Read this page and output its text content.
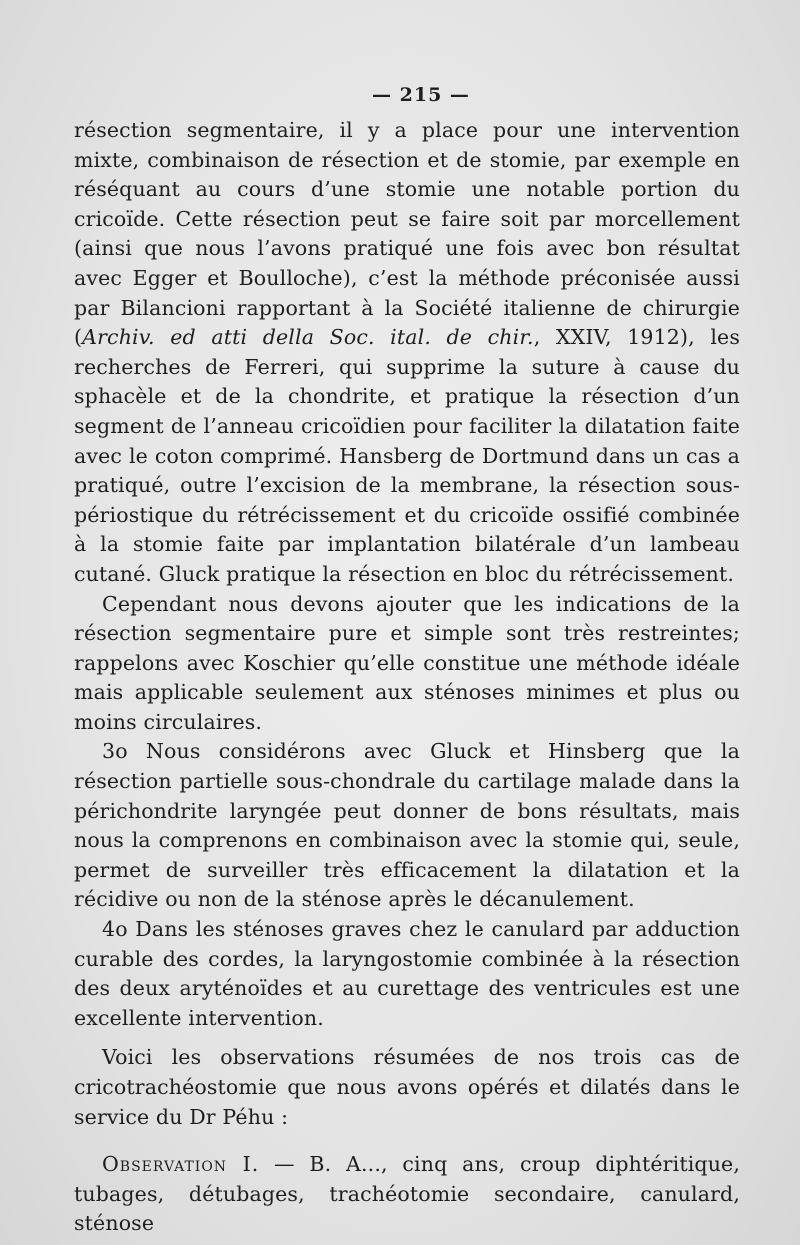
— 215 —

résection segmentaire, il y a place pour une intervention mixte, combinaison de résection et de stomie, par exemple en réséquant au cours d’une stomie une notable portion du cricoïde. Cette résection peut se faire soit par morcellement (ainsi que nous l’avons pratiqué une fois avec bon résultat avec Egger et Boulloche), c’est la méthode préconisée aussi par Bilancioni rapportant à la Société italienne de chirurgie (Archiv. ed atti della Soc. ital. de chir., XXIV, 1912), les recherches de Ferreri, qui supprime la suture à cause du sphacèle et de la chondrite, et pratique la résection d’un segment de l’anneau cricoïdien pour faciliter la dilatation faite avec le coton comprimé. Hansberg de Dortmund dans un cas a pratiqué, outre l’excision de la membrane, la résection sous-périostique du rétrécissement et du cricoïde ossifié combinée à la stomie faite par implantation bilatérale d’un lambeau cutané. Gluck pratique la résection en bloc du rétrécissement.

Cependant nous devons ajouter que les indications de la résection segmentaire pure et simple sont très restreintes; rappelons avec Koschier qu’elle constitue une méthode idéale mais applicable seulement aux sténoses minimes et plus ou moins circulaires.

3o Nous considérons avec Gluck et Hinsberg que la résection partielle sous-chondrale du cartilage malade dans la périchondrite laryngée peut donner de bons résultats, mais nous la comprenons en combinaison avec la stomie qui, seule, permet de surveiller très efficacement la dilatation et la récidive ou non de la sténose après le décanulement.

4o Dans les sténoses graves chez le canulard par adduction curable des cordes, la laryngostomie combinée à la résection des deux aryténoïdes et au curettage des ventricules est une excellente intervention.

Voici les observations résumées de nos trois cas de cricotrachéostomie que nous avons opérés et dilatés dans le service du Dr Péhu :

Observation I. — B. A..., cinq ans, croup diphtéritique, tubages, détubages, trachéotomie secondaire, canulard, sténose
